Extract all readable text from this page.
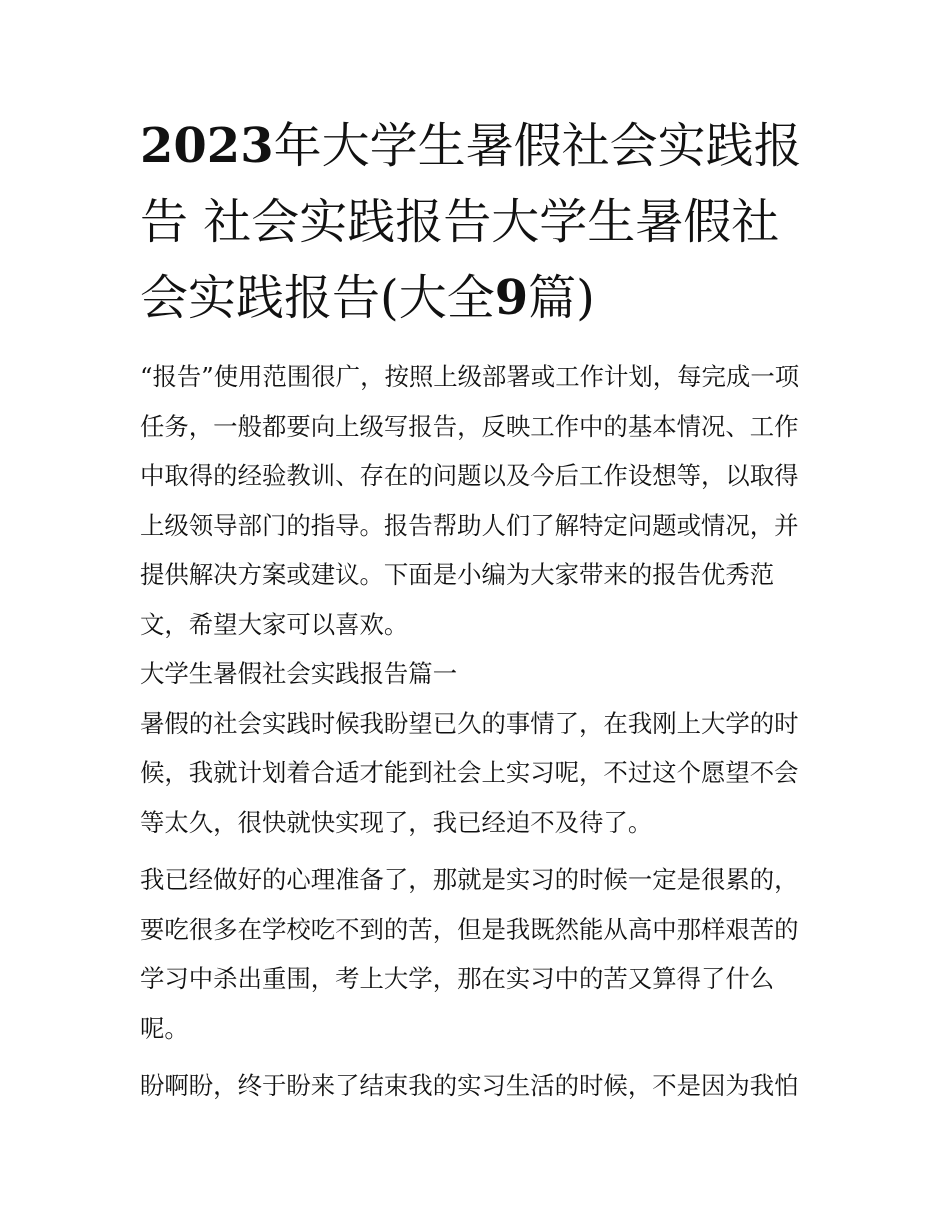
2023年大学生暑假社会实践报告 社会实践报告大学生暑假社会实践报告(大全9篇)

“报告”使用范围很广，按照上级部署或工作计划，每完成一项任务，一般都要向上级写报告，反映工作中的基本情况、工作中取得的经验教训、存在的问题以及今后工作设想等，以取得上级领导部门的指导。报告帮助人们了解特定问题或情况，并提供解决方案或建议。下面是小编为大家带来的报告优秀范文，希望大家可以喜欢。

大学生暑假社会实践报告篇一

暑假的社会实践时候我盼望已久的事情了，在我刚上大学的时候，我就计划着合适才能到社会上实习呢，不过这个愿望不会等太久，很快就快实现了，我已经迫不及待了。

我已经做好的心理准备了，那就是实习的时候一定是很累的，要吃很多在学校吃不到的苦，但是我既然能从高中那样艰苦的学习中杀出重围，考上大学，那在实习中的苦又算得了什么呢。

盼啊盼，终于盼来了结束我的实习生活的时候，不是因为我怕
